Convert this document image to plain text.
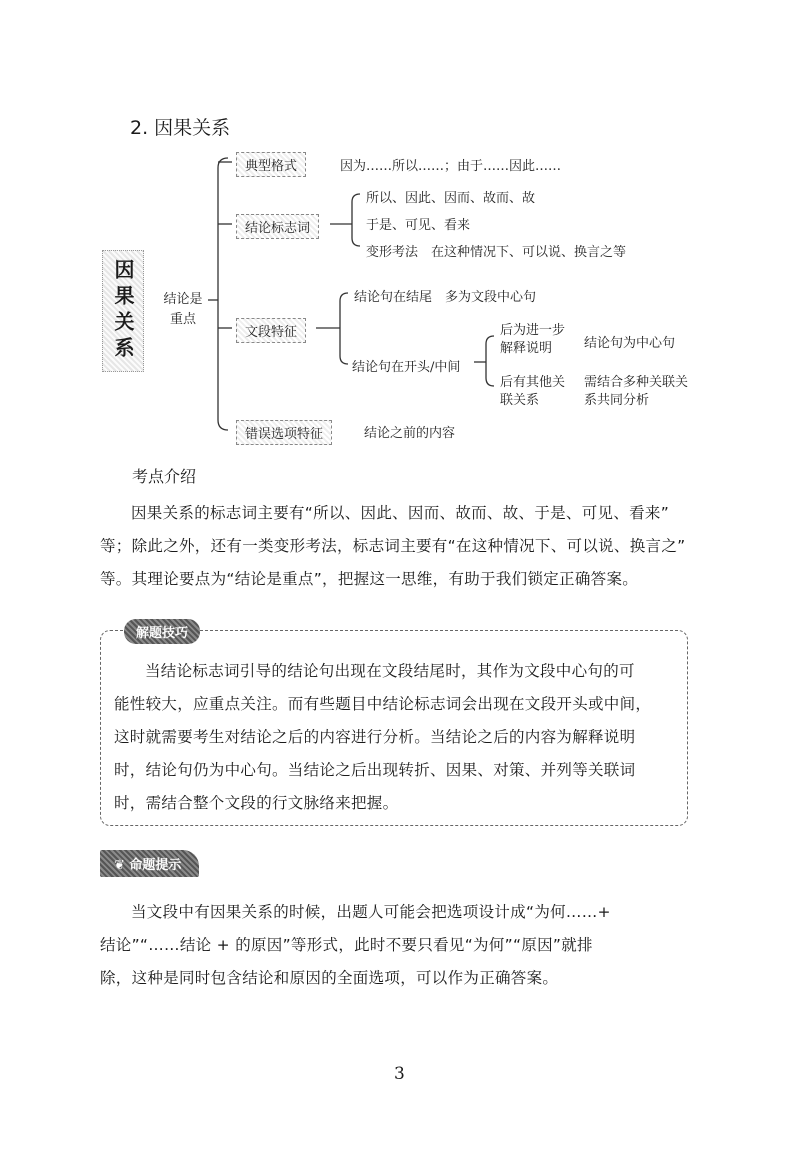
2. 因果关系
因果关系	结论是重点
典型格式	因为……所以……；由于……因此……
结论标志词
所以、因此、因而、故而、故
于是、可见、看来
变形考法　在这种情况下、可以说、换言之等
文段特征
结论句在结尾　多为文段中心句
结论句在开头/中间
后为进一步解释说明	结论句为中心句
后有其他关联关系
需结合多种关联关系共同分析
错误选项特征	结论之前的内容
考点介绍
因果关系的标志词主要有“所以、因此、因而、故而、故、于是、可见、看来”
等；除此之外，还有一类变形考法，标志词主要有“在这种情况下、可以说、换言之”
等。其理论要点为“结论是重点”，把握这一思维，有助于我们锁定正确答案。
解题技巧
当结论标志词引导的结论句出现在文段结尾时，其作为文段中心句的可
能性较大，应重点关注。而有些题目中结论标志词会出现在文段开头或中间，
这时就需要考生对结论之后的内容进行分析。当结论之后的内容为解释说明
时，结论句仍为中心句。当结论之后出现转折、因果、对策、并列等关联词
时，需结合整个文段的行文脉络来把握。
❦ 命题提示
当文段中有因果关系的时候，出题人可能会把选项设计成“为何……+
结论”“……结论 + 的原因”等形式，此时不要只看见“为何”“原因”就排
除，这种是同时包含结论和原因的全面选项，可以作为正确答案。
3
